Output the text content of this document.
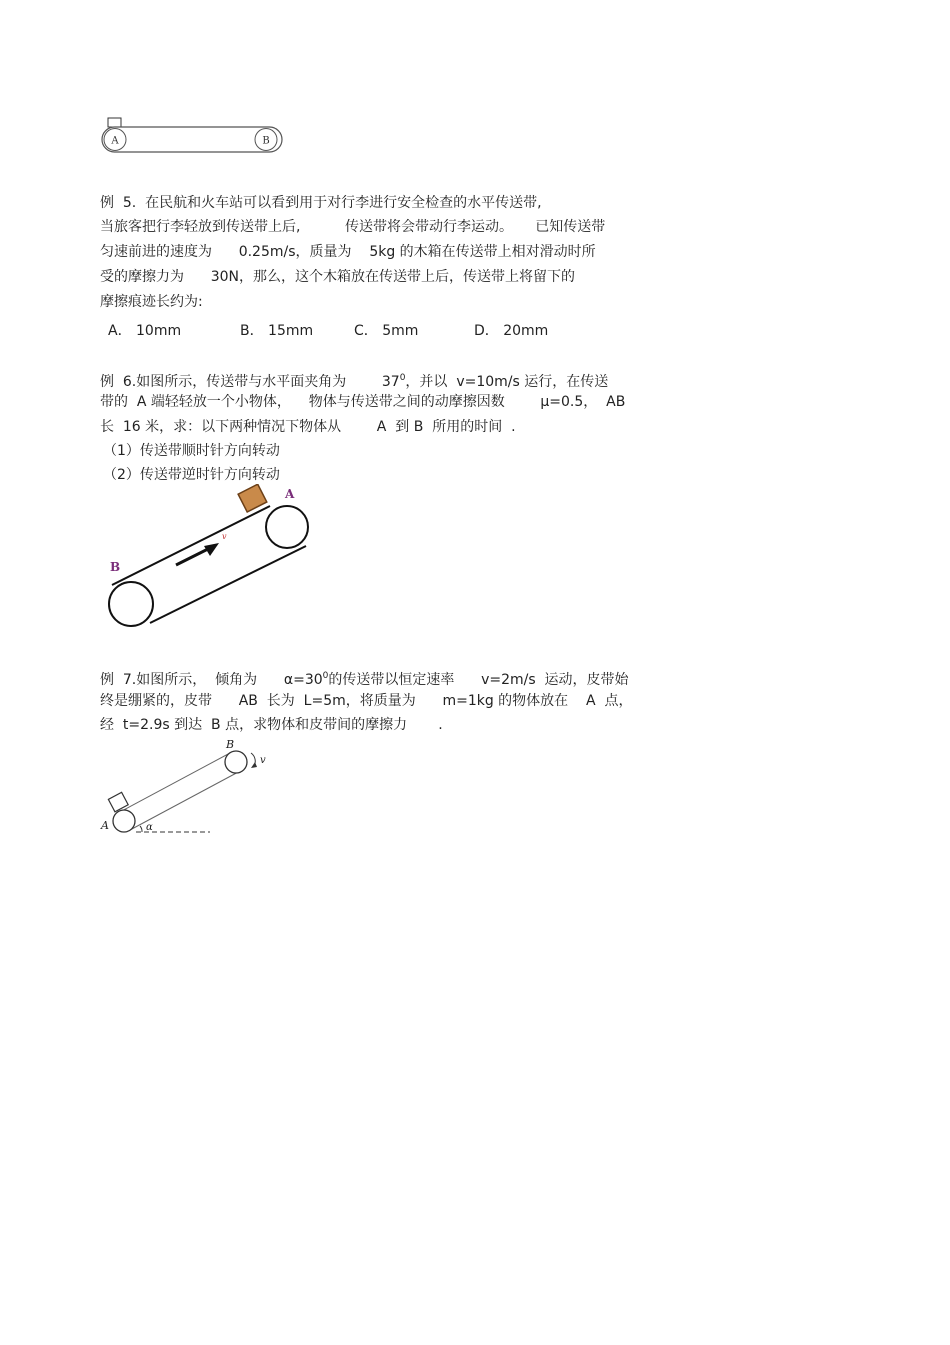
A	B
例  5.  在民航和火车站可以看到用于对行李进行安全检查的水平传送带,
当旅客把行李轻放到传送带上后,          传送带将会带动行李运动。     已知传送带
匀速前进的速度为      0.25m/s，质量为    5kg 的木箱在传送带上相对滑动时所
受的摩擦力为      30N，那么，这个木箱放在传送带上后，传送带上将留下的
摩擦痕迹长约为:
A． 10mm	B． 15mm	C． 5mm	D． 20mm
例  6.如图所示，传送带与水平面夹角为        $37^0$，并以  v=10m/s 运行，在传送
带的  A 端轻轻放一个小物体，    物体与传送带之间的动摩擦因数        μ=0.5，  AB
长  16 米，求：以下两种情况下物体从        A  到 B  所用的时间  .
（1）传送带顺时针方向转动
（2）传送带逆时针方向转动
v
A
B
例  7.如图所示，  倾角为      $\alpha=30^0$的传送带以恒定速率      v=2m/s  运动，皮带始
终是绷紧的，皮带      AB  长为  L=5m，将质量为      m=1kg 的物体放在    A  点，
经  t=2.9s 到达  B 点，求物体和皮带间的摩擦力       .
A
B
v
α
